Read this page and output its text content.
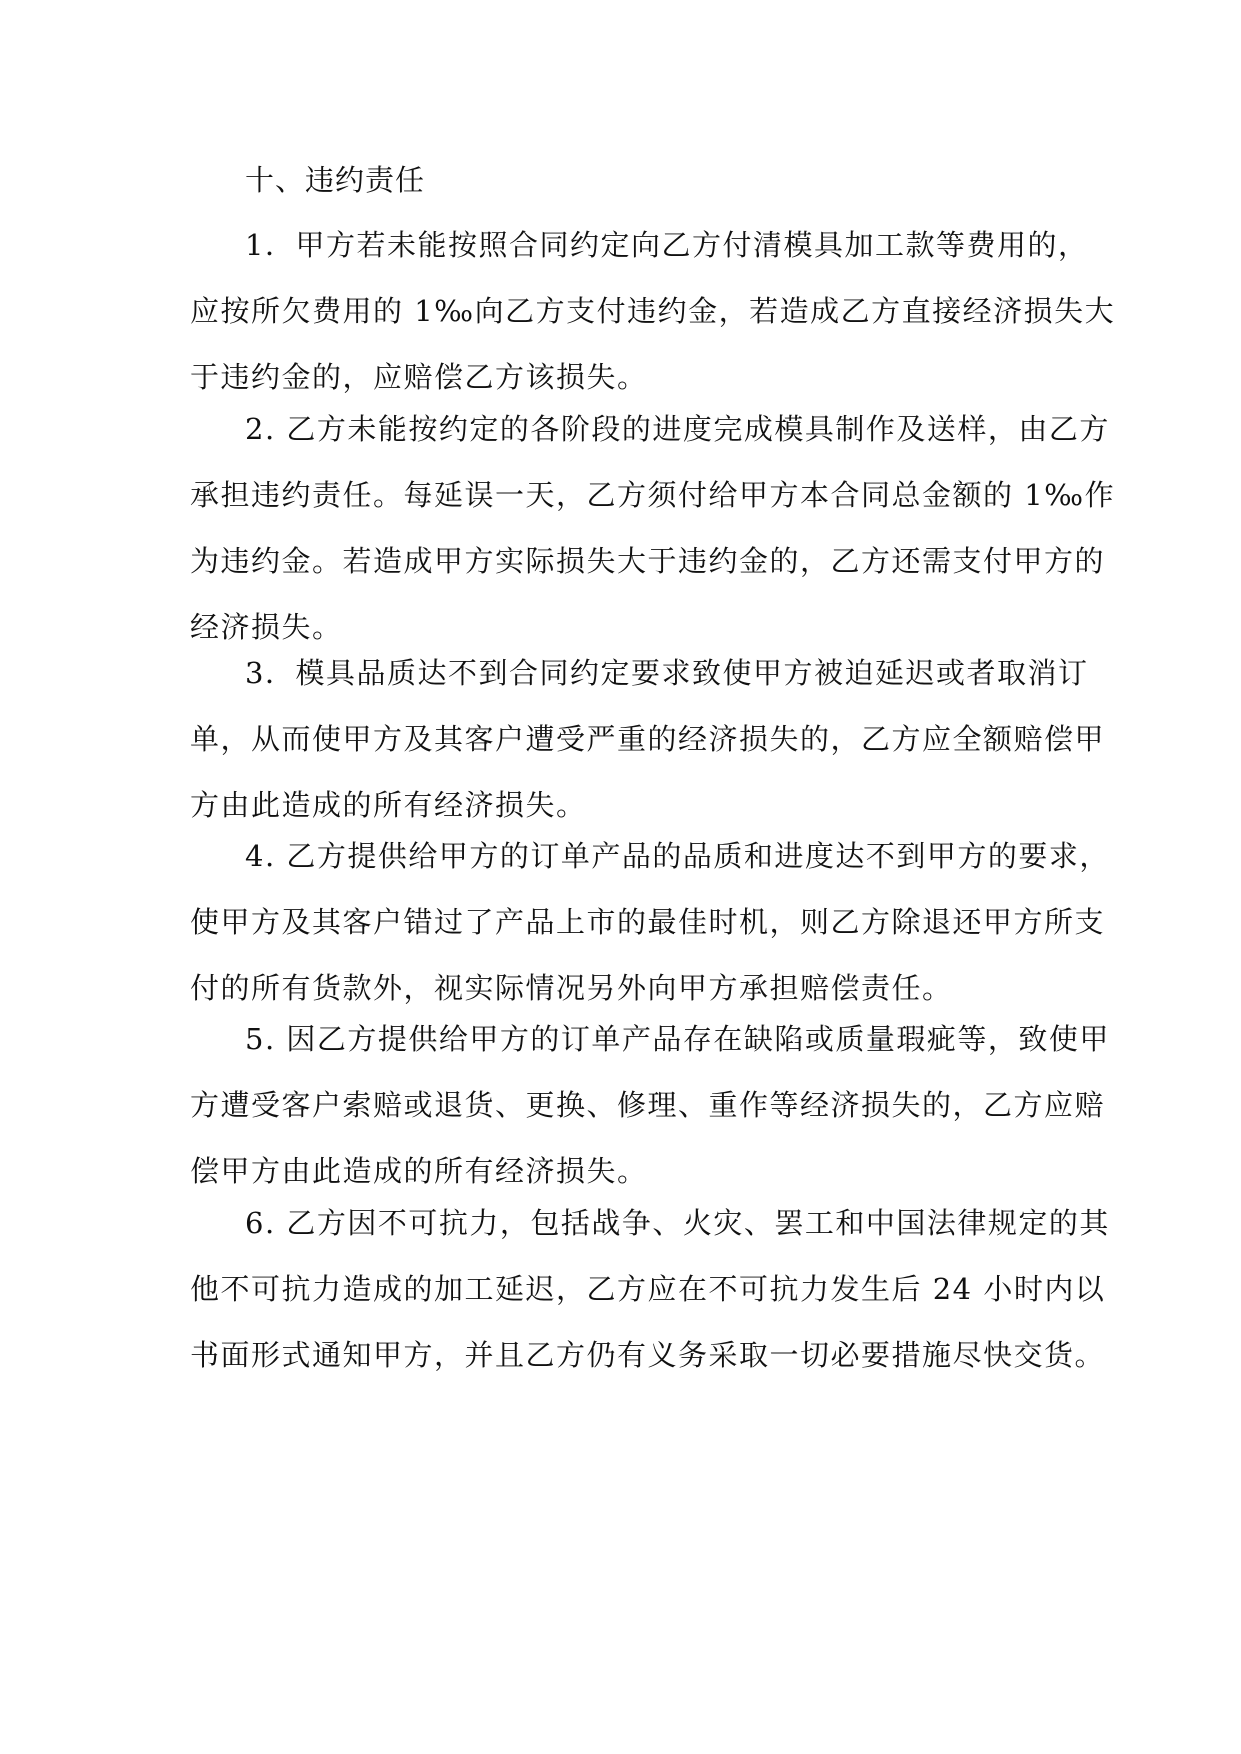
十、违约责任
1．甲方若未能按照合同约定向乙方付清模具加工款等费用的，
应按所欠费用的 1‰向乙方支付违约金，若造成乙方直接经济损失大
于违约金的，应赔偿乙方该损失。
2. 乙方未能按约定的各阶段的进度完成模具制作及送样，由乙方
承担违约责任。每延误一天，乙方须付给甲方本合同总金额的 1‰作
为违约金。若造成甲方实际损失大于违约金的，乙方还需支付甲方的
经济损失。
3．模具品质达不到合同约定要求致使甲方被迫延迟或者取消订
单，从而使甲方及其客户遭受严重的经济损失的，乙方应全额赔偿甲
方由此造成的所有经济损失。
4. 乙方提供给甲方的订单产品的品质和进度达不到甲方的要求，
使甲方及其客户错过了产品上市的最佳时机，则乙方除退还甲方所支
付的所有货款外，视实际情况另外向甲方承担赔偿责任。
5. 因乙方提供给甲方的订单产品存在缺陷或质量瑕疵等，致使甲
方遭受客户索赔或退货、更换、修理、重作等经济损失的，乙方应赔
偿甲方由此造成的所有经济损失。
6. 乙方因不可抗力，包括战争、火灾、罢工和中国法律规定的其
他不可抗力造成的加工延迟，乙方应在不可抗力发生后 24 小时内以
书面形式通知甲方，并且乙方仍有义务采取一切必要措施尽快交货。
